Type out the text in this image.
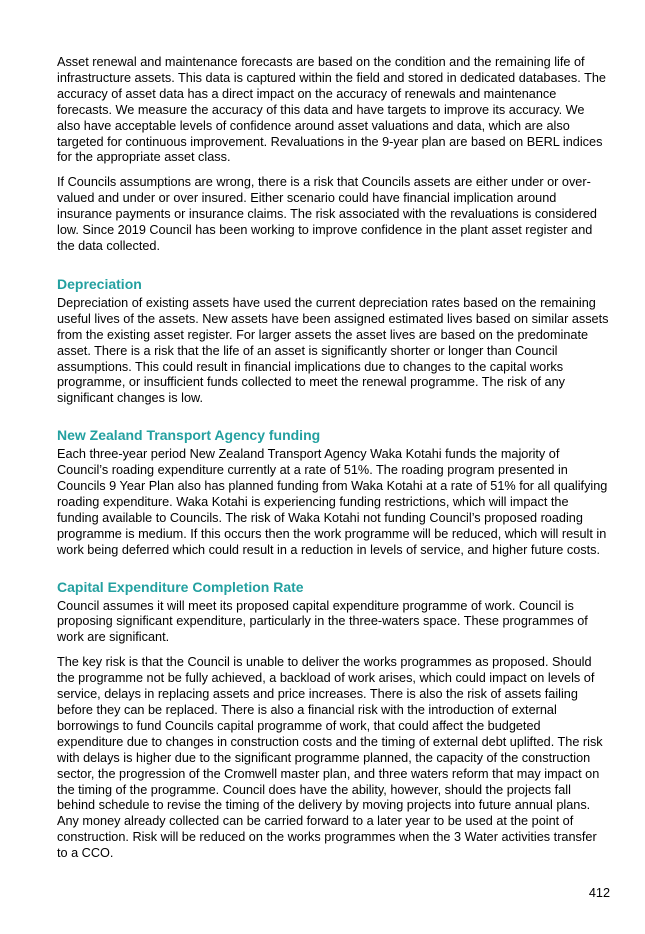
Asset renewal and maintenance forecasts are based on the condition and the remaining life of infrastructure assets. This data is captured within the field and stored in dedicated databases. The accuracy of asset data has a direct impact on the accuracy of renewals and maintenance forecasts. We measure the accuracy of this data and have targets to improve its accuracy. We also have acceptable levels of confidence around asset valuations and data, which are also targeted for continuous improvement. Revaluations in the 9-year plan are based on BERL indices for the appropriate asset class.

If Councils assumptions are wrong, there is a risk that Councils assets are either under or over-valued and under or over insured. Either scenario could have financial implication around insurance payments or insurance claims. The risk associated with the revaluations is considered low. Since 2019 Council has been working to improve confidence in the plant asset register and the data collected.

Depreciation

Depreciation of existing assets have used the current depreciation rates based on the remaining useful lives of the assets. New assets have been assigned estimated lives based on similar assets from the existing asset register. For larger assets the asset lives are based on the predominate asset. There is a risk that the life of an asset is significantly shorter or longer than Council assumptions. This could result in financial implications due to changes to the capital works programme, or insufficient funds collected to meet the renewal programme. The risk of any significant changes is low.

New Zealand Transport Agency funding

Each three-year period New Zealand Transport Agency Waka Kotahi funds the majority of Council’s roading expenditure currently at a rate of 51%. The roading program presented in Councils 9 Year Plan also has planned funding from Waka Kotahi at a rate of 51% for all qualifying roading expenditure. Waka Kotahi is experiencing funding restrictions, which will impact the funding available to Councils. The risk of Waka Kotahi not funding Council’s proposed roading programme is medium. If this occurs then the work programme will be reduced, which will result in work being deferred which could result in a reduction in levels of service, and higher future costs.

Capital Expenditure Completion Rate

Council assumes it will meet its proposed capital expenditure programme of work. Council is proposing significant expenditure, particularly in the three-waters space. These programmes of work are significant.

The key risk is that the Council is unable to deliver the works programmes as proposed. Should the programme not be fully achieved, a backload of work arises, which could impact on levels of service, delays in replacing assets and price increases. There is also the risk of assets failing before they can be replaced. There is also a financial risk with the introduction of external borrowings to fund Councils capital programme of work, that could affect the budgeted expenditure due to changes in construction costs and the timing of external debt uplifted. The risk with delays is higher due to the significant programme planned, the capacity of the construction sector, the progression of the Cromwell master plan, and three waters reform that may impact on the timing of the programme. Council does have the ability, however, should the projects fall behind schedule to revise the timing of the delivery by moving projects into future annual plans. Any money already collected can be carried forward to a later year to be used at the point of construction. Risk will be reduced on the works programmes when the 3 Water activities transfer to a CCO.

412
